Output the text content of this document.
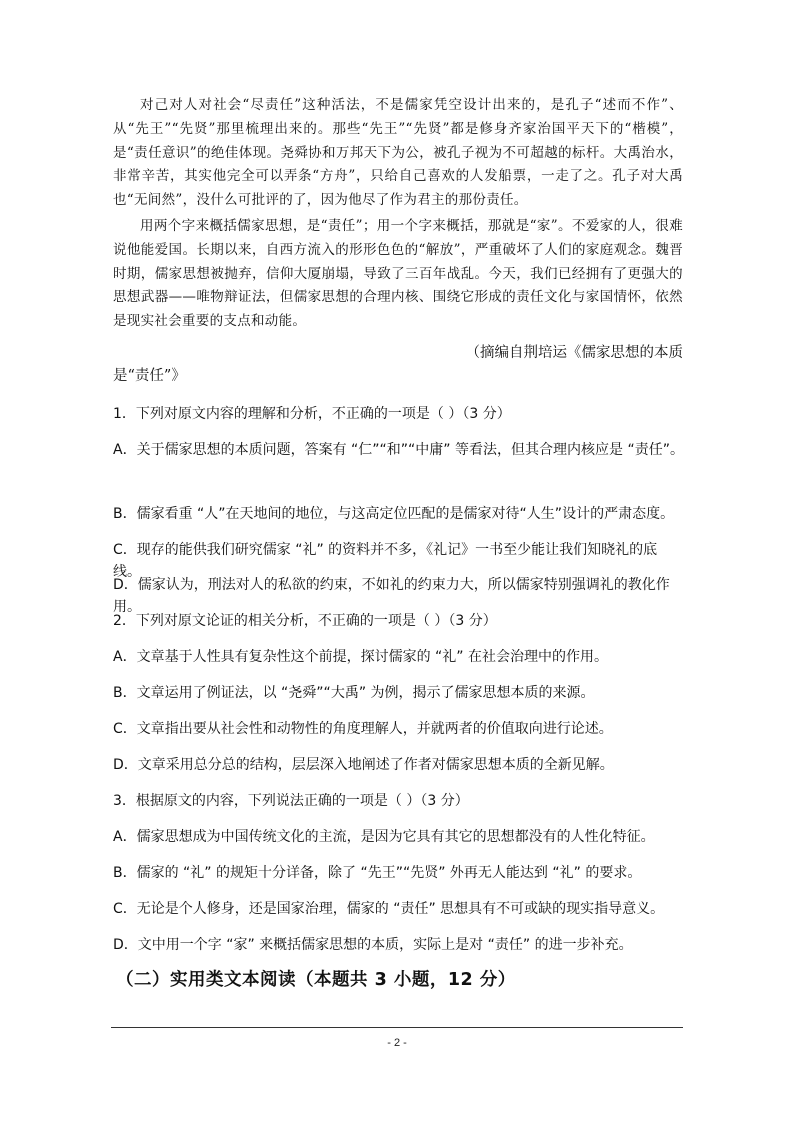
对己对人对社会“尽责任”这种活法，不是儒家凭空设计出来的，是孔子“述而不作”、从“先王”“先贤”那里梳理出来的。那些“先王”“先贤”都是修身齐家治国平天下的“楷模”，是“责任意识”的绝佳体现。尧舜协和万邦天下为公，被孔子视为不可超越的标杆。大禹治水，非常辛苦，其实他完全可以弄条“方舟”，只给自己喜欢的人发船票，一走了之。孔子对大禹也“无间然”，没什么可批评的了，因为他尽了作为君主的那份责任。
用两个字来概括儒家思想，是“责任”；用一个字来概括，那就是“家”。不爱家的人，很难说他能爱国。长期以来，自西方流入的形形色色的“解放”，严重破坏了人们的家庭观念。魏晋时期，儒家思想被抛弃，信仰大厦崩塌，导致了三百年战乱。今天，我们已经拥有了更强大的思想武器——唯物辩证法，但儒家思想的合理内核、围绕它形成的责任文化与家国情怀，依然是现实社会重要的支点和动能。
（摘编自荆培运《儒家思想的本质
是“责任”》
1．下列对原文内容的理解和分析，不正确的一项是（ ）（3 分）
A．关于儒家思想的本质问题，答案有 “仁”“和”“中庸” 等看法，但其合理内核应是 “责任”。
B．儒家看重 “人”在天地间的地位，与这高定位匹配的是儒家对待“人生”设计的严肃态度。
C．现存的能供我们研究儒家 “礼” 的资料并不多，《礼记》一书至少能让我们知晓礼的底线。
D．儒家认为，刑法对人的私欲的约束，不如礼的约束力大，所以儒家特别强调礼的教化作用。
2．下列对原文论证的相关分析，不正确的一项是（ ）（3 分）
A．文章基于人性具有复杂性这个前提，探讨儒家的 “礼” 在社会治理中的作用。
B．文章运用了例证法，以 “尧舜”“大禹” 为例，揭示了儒家思想本质的来源。
C．文章指出要从社会性和动物性的角度理解人，并就两者的价值取向进行论述。
D．文章采用总分总的结构，层层深入地阐述了作者对儒家思想本质的全新见解。
3．根据原文的内容，下列说法正确的一项是（ ）（3 分）
A．儒家思想成为中国传统文化的主流，是因为它具有其它的思想都没有的人性化特征。
B．儒家的 “礼” 的规矩十分详备，除了 “先王”“先贤” 外再无人能达到 “礼” 的要求。
C．无论是个人修身，还是国家治理，儒家的 “责任” 思想具有不可或缺的现实指导意义。
D．文中用一个字 “家” 来概括儒家思想的本质，实际上是对 “责任” 的进一步补充。
（二）实用类文本阅读（本题共 3 小题，12 分）
- 2 -
